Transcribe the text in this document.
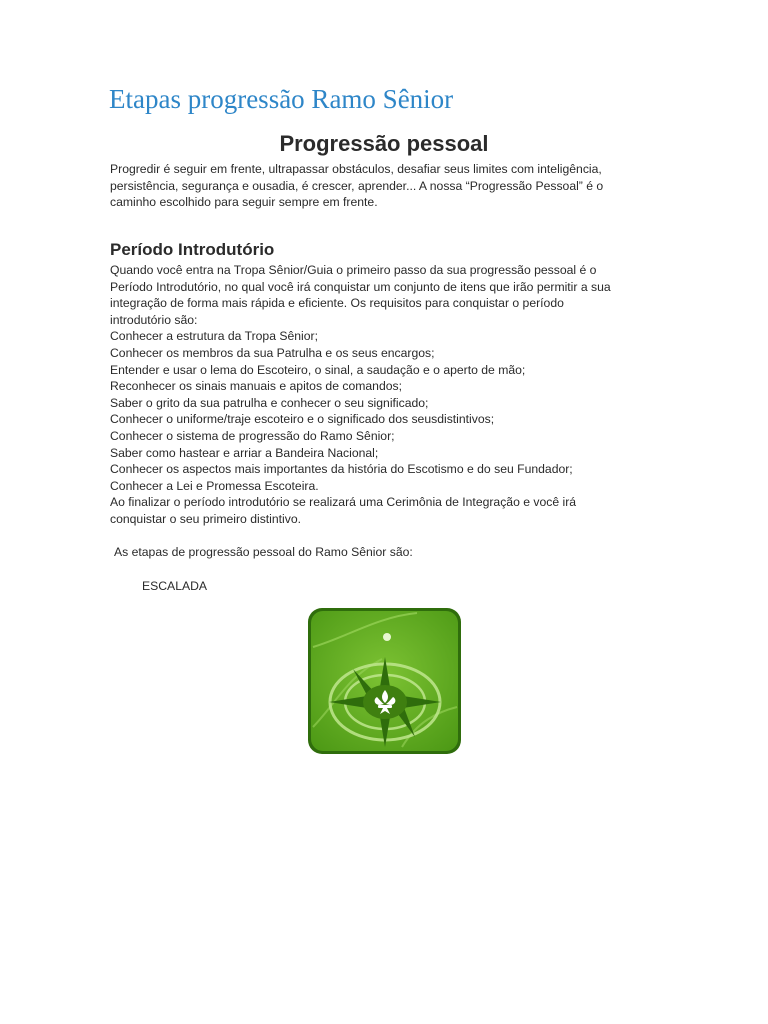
Etapas progressão Ramo Sênior
Progressão pessoal

Progredir é seguir em frente, ultrapassar obstáculos, desafiar seus limites com inteligência,
persistência, segurança e ousadia, é crescer, aprender... A nossa “Progressão Pessoal” é o
caminho escolhido para seguir sempre em frente.

Período Introdutório

Quando você entra na Tropa Sênior/Guia o primeiro passo da sua progressão pessoal é o
Período Introdutório, no qual você irá conquistar um conjunto de itens que irão permitir a sua
integração de forma mais rápida e eficiente. Os requisitos para conquistar o período
introdutório são:
Conhecer a estrutura da Tropa Sênior;
Conhecer os membros da sua Patrulha e os seus encargos;
Entender e usar o lema do Escoteiro, o sinal, a saudação e o aperto de mão;
Reconhecer os sinais manuais e apitos de comandos;
Saber o grito da sua patrulha e conhecer o seu significado;
Conhecer o uniforme/traje escoteiro e o significado dos seusdistintivos;
Conhecer o sistema de progressão do Ramo Sênior;
Saber como hastear e arriar a Bandeira Nacional;
Conhecer os aspectos mais importantes da história do Escotismo e do seu Fundador;
Conhecer a Lei e Promessa Escoteira.
Ao finalizar o período introdutório se realizará uma Cerimônia de Integração e você irá
conquistar o seu primeiro distintivo.

As etapas de progressão pessoal do Ramo Sênior são:

ESCALADA
